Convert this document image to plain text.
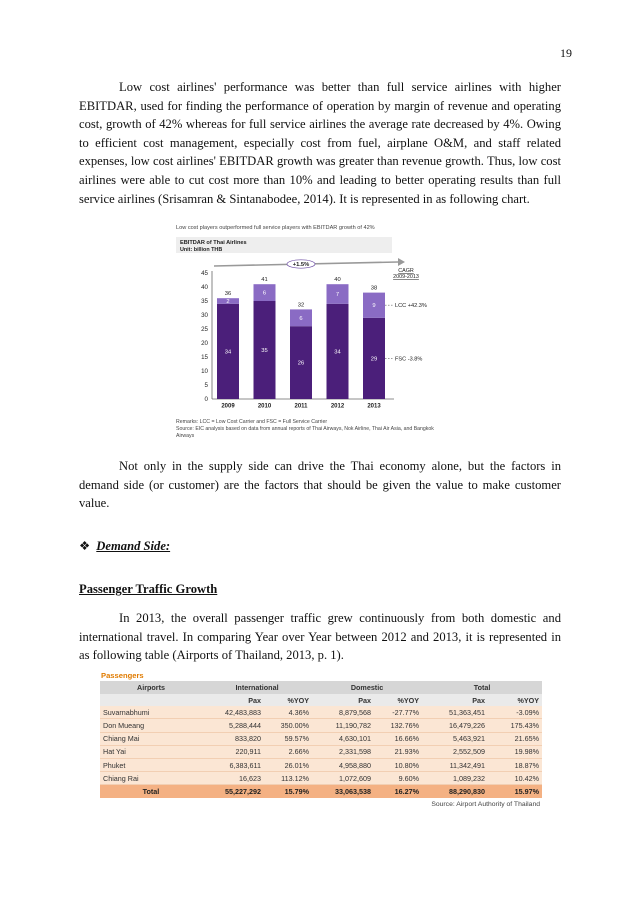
19

Low cost airlines' performance was better than full service airlines with higher EBITDAR, used for finding the performance of operation by margin of revenue and operating cost, growth of 42% whereas for full service airlines the average rate decreased by 4%. Owing to efficient cost management, especially cost from fuel, airplane O&M, and staff related expenses, low cost airlines' EBITDAR growth was greater than revenue growth. Thus, low cost airlines were able to cut cost more than 10% and leading to better operating results than full service airlines (Srisamran & Sintanabodee, 2014). It is represented in as following chart.

Low cost players outperformed full service players with EBITDAR growth of 42%
EBITDAR of Thai Airlines
Unit: billion THB
0
5
10
15
20
25
30
35
40
45
34
2
36
2009
35
6
41
2010
26
6
32
2011
34
7
40
2012
29
9
38
2013
+1.5%
CAGR
2009-2013
LCC +42.3%
FSC -3.8%
Remarks: LCC = Low Cost Carrier and FSC = Full Service Carrier
Source: EIC analysis based on data from annual reports of Thai Airways, Nok Airline, Thai Air Asia, and Bangkok
Airways

Not only in the supply side can drive the Thai economy alone, but the factors in demand side (or customer) are the factors that should be given the value to make customer value.

❖ Demand Side:
Passenger Traffic Growth

In 2013, the overall passenger traffic grew continuously from both domestic and international travel. In comparing Year over Year between 2012 and 2013, it is represented in as following table (Airports of Thailand, 2013, p. 1).

Passengers
Airports	International		Domestic		Total	
	Pax	%YOY	Pax	%YOY	Pax	%YOY
Suvarnabhumi	42,483,883	4.36%	8,879,568	-27.77%	51,363,451	-3.09%
Don Mueang	5,288,444	350.00%	11,190,782	132.76%	16,479,226	175.43%
Chiang Mai	833,820	59.57%	4,630,101	16.66%	5,463,921	21.65%
Hat Yai	220,911	2.66%	2,331,598	21.93%	2,552,509	19.98%
Phuket	6,383,611	26.01%	4,958,880	10.80%	11,342,491	18.87%
Chiang Rai	16,623	113.12%	1,072,609	9.60%	1,089,232	10.42%
Total	55,227,292	15.79%	33,063,538	16.27%	88,290,830	15.97%
Source: Airport Authority of Thailand
